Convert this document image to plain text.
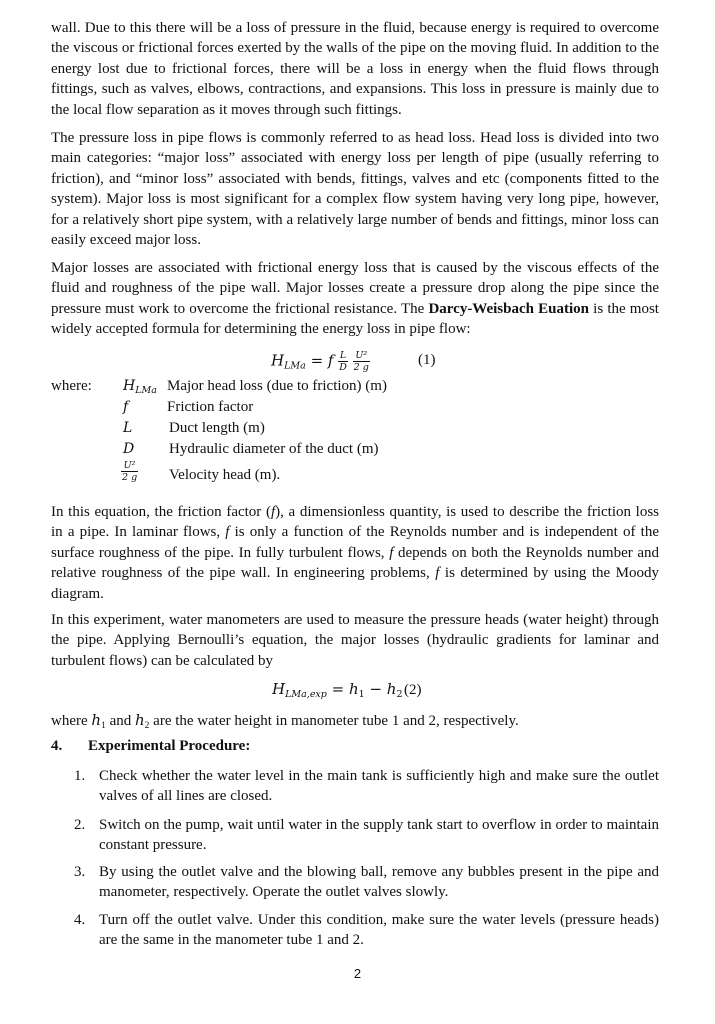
wall. Due to this there will be a loss of pressure in the fluid, because energy is required to overcome the viscous or frictional forces exerted by the walls of the pipe on the moving fluid. In addition to the energy lost due to frictional forces, there will be a loss in energy when the fluid flows through fittings, such as valves, elbows, contractions, and expansions. This loss in pressure is mainly due to the local flow separation as it moves through such fittings.

The pressure loss in pipe flows is commonly referred to as head loss. Head loss is divided into two main categories: “major loss” associated with energy loss per length of pipe (usually referring to friction), and “minor loss” associated with bends, fittings, valves and etc (components fitted to the system). Major loss is most significant for a complex flow system having very long pipe, however, for a relatively short pipe system, with a relatively large number of bends and fittings, minor loss can easily exceed major loss.

Major losses are associated with frictional energy loss that is caused by the viscous effects of the fluid and roughness of the pipe wall. Major losses create a pressure drop along the pipe since the pressure must work to overcome the frictional resistance. The Darcy-Weisbach Euation is the most widely accepted formula for determining the energy loss in pipe flow:

$H_{LMa} = f \frac{L}{D}$
$\frac{\text{U²}}{2 g}$	(1)
where: $H_{LMa}$ Major head loss (due to friction) (m)
f	Friction factor
L Duct length (m)
D Hydraulic diameter of the duct (m)
$\frac{\text{U²}}{2 g}$ Velocity head (m).

In this equation, the friction factor (f), a dimensionless quantity, is used to describe the friction loss in a pipe. In laminar flows, f is only a function of the Reynolds number and is independent of the surface roughness of the pipe. In fully turbulent flows, f depends on both the Reynolds number and relative roughness of the pipe wall. In engineering problems, f is determined by using the Moody diagram.

In this experiment, water manometers are used to measure the pressure heads (water height) through the pipe. Applying Bernoulli’s equation, the major losses (hydraulic gradients for laminar and turbulent flows) can be calculated by

$H_{LMa,exp} = h_1 - h_2$ (2)

where $h_1$ and $h_2$ are the water height in manometer tube 1 and 2, respectively.

4. Experimental Procedure:
1. Check whether the water level in the main tank is sufficiently high and make sure the outlet valves of all lines are closed.
2. Switch on the pump, wait until water in the supply tank start to overflow in order to maintain constant pressure.
3. By using the outlet valve and the blowing ball, remove any bubbles present in the pipe and manometer, respectively. Operate the outlet valves slowly.
4. Turn off the outlet valve. Under this condition, make sure the water levels (pressure heads) are the same in the manometer tube 1 and 2.
2
